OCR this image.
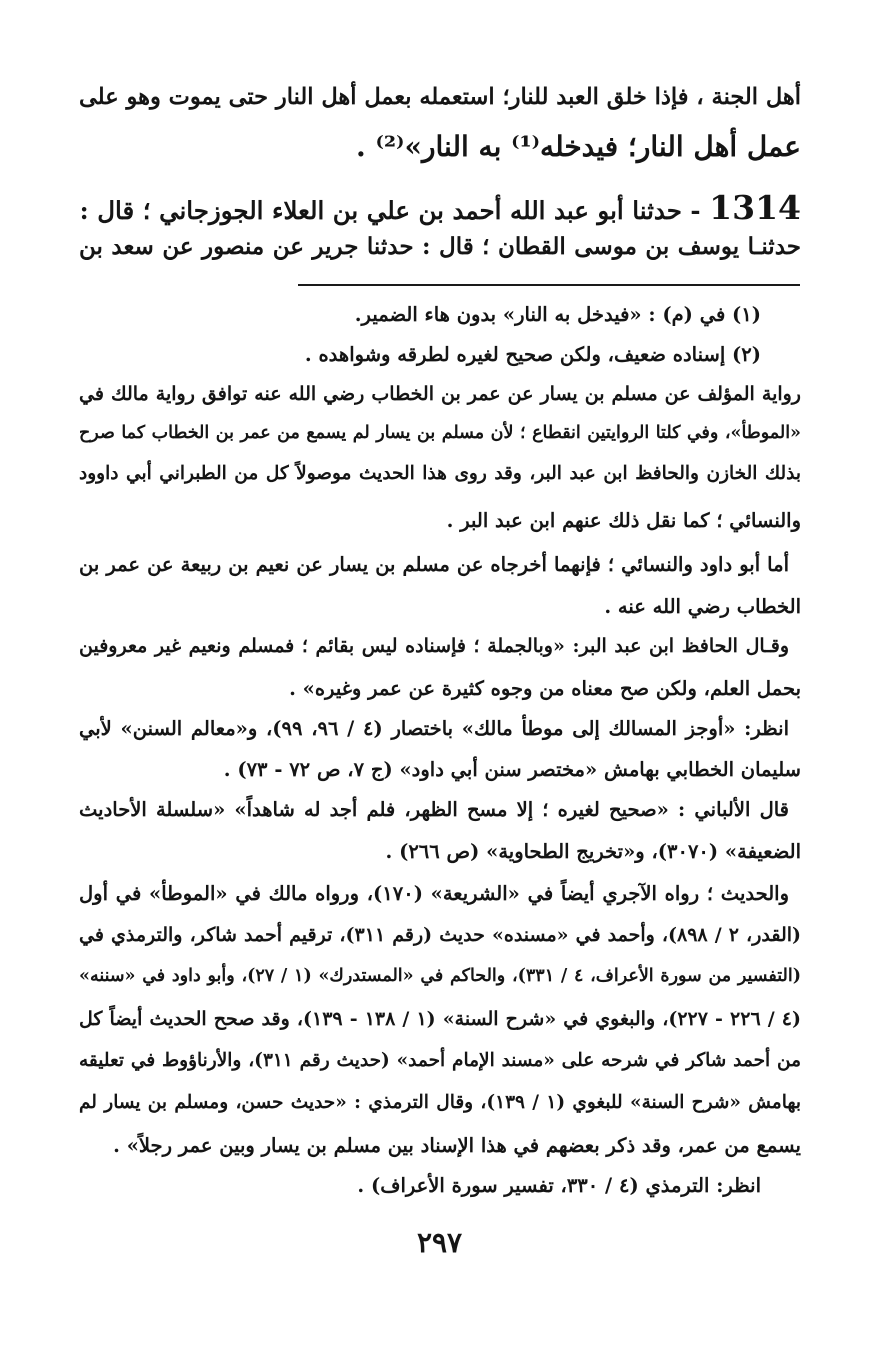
أهل الجنة ، فإذا خلق العبد للنار؛ استعمله بعمل أهل النار حتى يموت وهو على
عمل أهل النار؛ فيدخله⁽¹⁾ به النار»⁽²⁾ .
1314 - حدثنا أبو عبد الله أحمد بن علي بن العلاء الجوزجاني ؛ قال :
حدثنـا يوسف بن موسى القطان ؛ قال : حدثنا جرير عن منصور عن سعد بن
(١) في (م) : «فيدخل به النار» بدون هاء الضمير.
(٢) إسناده ضعيف، ولكن صحيح لغيره لطرقه وشواهده .
رواية المؤلف عن مسلم بن يسار عن عمر بن الخطاب رضي الله عنه توافق رواية مالك في
«الموطأ»، وفي كلتا الروايتين انقطاع ؛ لأن مسلم بن يسار لم يسمع من عمر بن الخطاب كما صرح
بذلك الخازن والحافظ ابن عبد البر، وقد روى هذا الحديث موصولاً كل من الطبراني أبي داوود
والنسائي ؛ كما نقل ذلك عنهم ابن عبد البر .
أما أبو داود والنسائي ؛ فإنهما أخرجاه عن مسلم بن يسار عن نعيم بن ربيعة عن عمر بن
الخطاب رضي الله عنه .
وقـال الحافظ ابن عبد البر: «وبالجملة ؛ فإسناده ليس بقائم ؛ فمسلم ونعيم غير معروفين
بحمل العلم، ولكن صح معناه من وجوه كثيرة عن عمر وغيره» .
انظر: «أوجز المسالك إلى موطأ مالك» باختصار (٤ / ٩٦، ٩٩)، و«معالم السنن» لأبي
سليمان الخطابي بهامش «مختصر سنن أبي داود» (ج ٧، ص ٧٢ - ٧٣) .
قال الألباني : «صحيح لغيره ؛ إلا مسح الظهر، فلم أجد له شاهداً» «سلسلة الأحاديث
الضعيفة» (٣٠٧٠)، و«تخريج الطحاوية» (ص ٢٦٦) .
والحديث ؛ رواه الآجري أيضاً في «الشريعة» (١٧٠)، ورواه مالك في «الموطأ» في أول
(القدر، ٢ / ٨٩٨)، وأحمد في «مسنده» حديث (رقم ٣١١)، ترقيم أحمد شاكر، والترمذي في
(التفسير من سورة الأعراف، ٤ / ٣٣١)، والحاكم في «المستدرك» (١ / ٢٧)، وأبو داود في «سننه»
(٤ / ٢٢٦ - ٢٢٧)، والبغوي في «شرح السنة» (١ / ١٣٨ - ١٣٩)، وقد صحح الحديث أيضاً كل
من أحمد شاكر في شرحه على «مسند الإمام أحمد» (حديث رقم ٣١١)، والأرناؤوط في تعليقه
بهامش «شرح السنة» للبغوي (١ / ١٣٩)، وقال الترمذي : «حديث حسن، ومسلم بن يسار لم
يسمع من عمر، وقد ذكر بعضهم في هذا الإسناد بين مسلم بن يسار وبين عمر رجلاً» .
انظر: الترمذي (٤ / ٣٣٠، تفسير سورة الأعراف) .
٢٩٧
